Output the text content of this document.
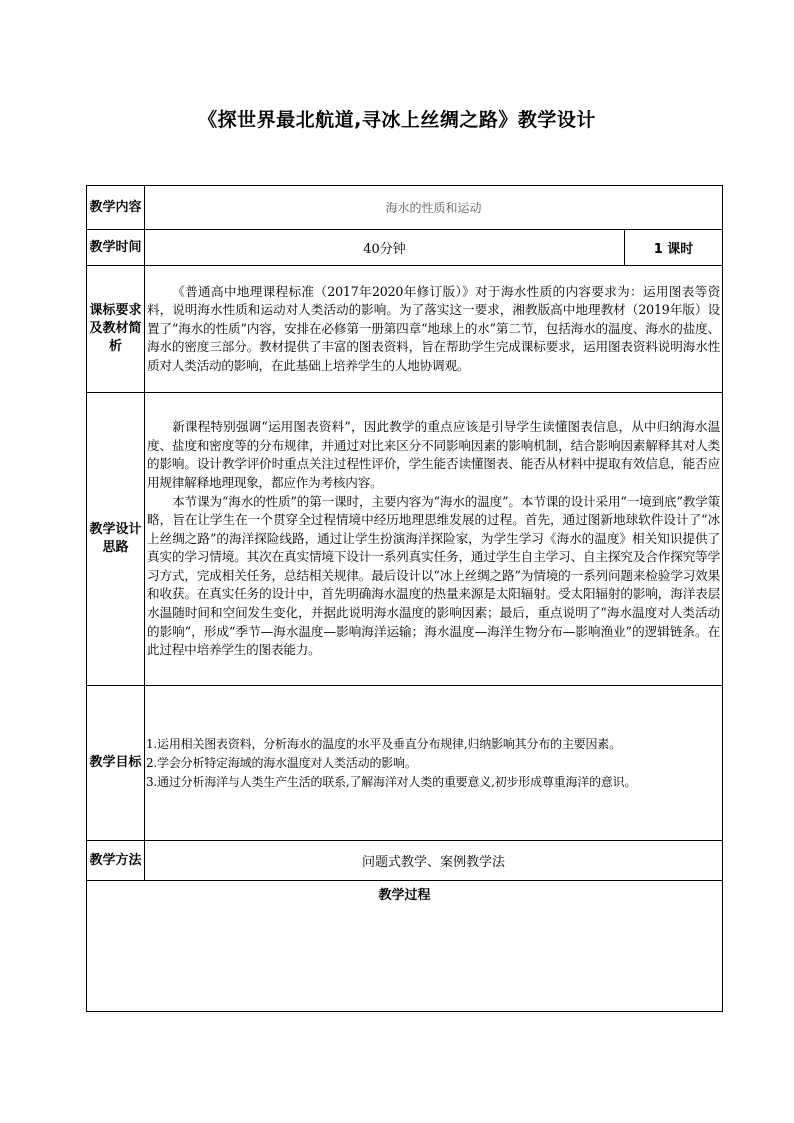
《探世界最北航道,寻冰上丝绸之路》教学设计
教学内容	海水的性质和运动	
教学时间	40分钟	1 课时
课标要求及教材简析	《普通高中地理课程标准（2017年2020年修订版）》对于海水性质的内容要求为：运用图表等资料，说明海水性质和运动对人类活动的影响。为了落实这一要求，湘教版高中地理教材（2019年版）设置了“海水的性质”内容，安排在必修第一册第四章“地球上的水”第二节，包括海水的温度、海水的盐度、海水的密度三部分。教材提供了丰富的图表资料，旨在帮助学生完成课标要求，运用图表资料说明海水性质对人类活动的影响，在此基础上培养学生的人地协调观。	

教学设计思路	新课程特别强调“运用图表资料”，因此教学的重点应该是引导学生读懂图表信息，从中归纳海水温度、盐度和密度等的分布规律，并通过对比来区分不同影响因素的影响机制，结合影响因素解释其对人类的影响。设计教学评价时重点关注过程性评价，学生能否读懂图表、能否从材料中提取有效信息，能否应用规律解释地理现象，都应作为考核内容。

本节课为“海水的性质”的第一课时，主要内容为“海水的温度”。本节课的设计采用“一境到底”教学策略，旨在让学生在一个贯穿全过程情境中经历地理思维发展的过程。首先，通过图新地球软件设计了“冰上丝绸之路”的海洋探险线路，通过让学生扮演海洋探险家，为学生学习《海水的温度》相关知识提供了真实的学习情境。其次在真实情境下设计一系列真实任务，通过学生自主学习、自主探究及合作探究等学习方式，完成相关任务，总结相关规律。最后设计以“冰上丝绸之路”为情境的一系列问题来检验学习效果和收获。在真实任务的设计中，首先明确海水温度的热量来源是太阳辐射。受太阳辐射的影响，海洋表层水温随时间和空间发生变化，并据此说明海水温度的影响因素；最后，重点说明了“海水温度对人类活动的影响”，形成“季节—海水温度—影响海洋运输；海水温度—海洋生物分布—影响渔业”的逻辑链条。在此过程中培养学生的图表能力。	

教学目标	1.运用相关图表资料，分析海水的温度的水平及垂直分布规律,归纳影响其分布的主要因素。
2.学会分析特定海域的海水温度对人类活动的影响。
3.通过分析海洋与人类生产生活的联系,了解海洋对人类的重要意义,初步形成尊重海洋的意识。	

教学方法	问题式教学、案例教学法	

教学过程		
